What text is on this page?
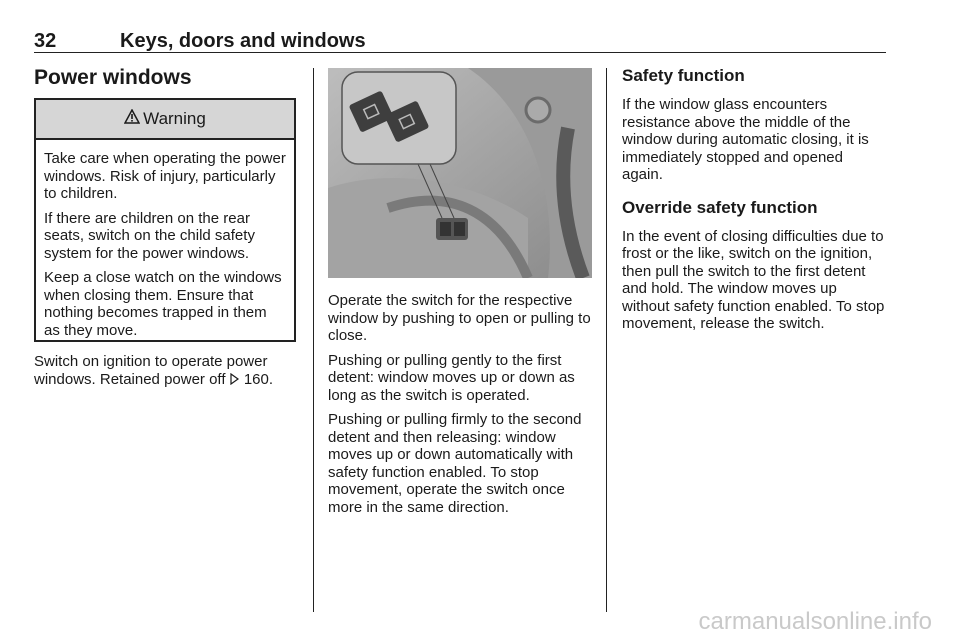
32	Keys, doors and windows
Power windows
Warning

Take care when operating the power windows. Risk of injury, particularly to children.

If there are children on the rear seats, switch on the child safety system for the power windows.

Keep a close watch on the windows when closing them. Ensure that nothing becomes trapped in them as they move.

Switch on ignition to operate power windows. Retained power off  160.

Operate the switch for the respective window by pushing to open or pulling to close.

Pushing or pulling gently to the first detent: window moves up or down as long as the switch is operated.

Pushing or pulling firmly to the second detent and then releasing: window moves up or down automatically with safety function enabled. To stop movement, operate the switch once more in the same direction.

Safety function

If the window glass encounters resistance above the middle of the window during automatic closing, it is immediately stopped and opened again.

Override safety function

In the event of closing difficulties due to frost or the like, switch on the ignition, then pull the switch to the first detent and hold. The window moves up without safety function enabled. To stop movement, release the switch.

carmanualsonline.info
